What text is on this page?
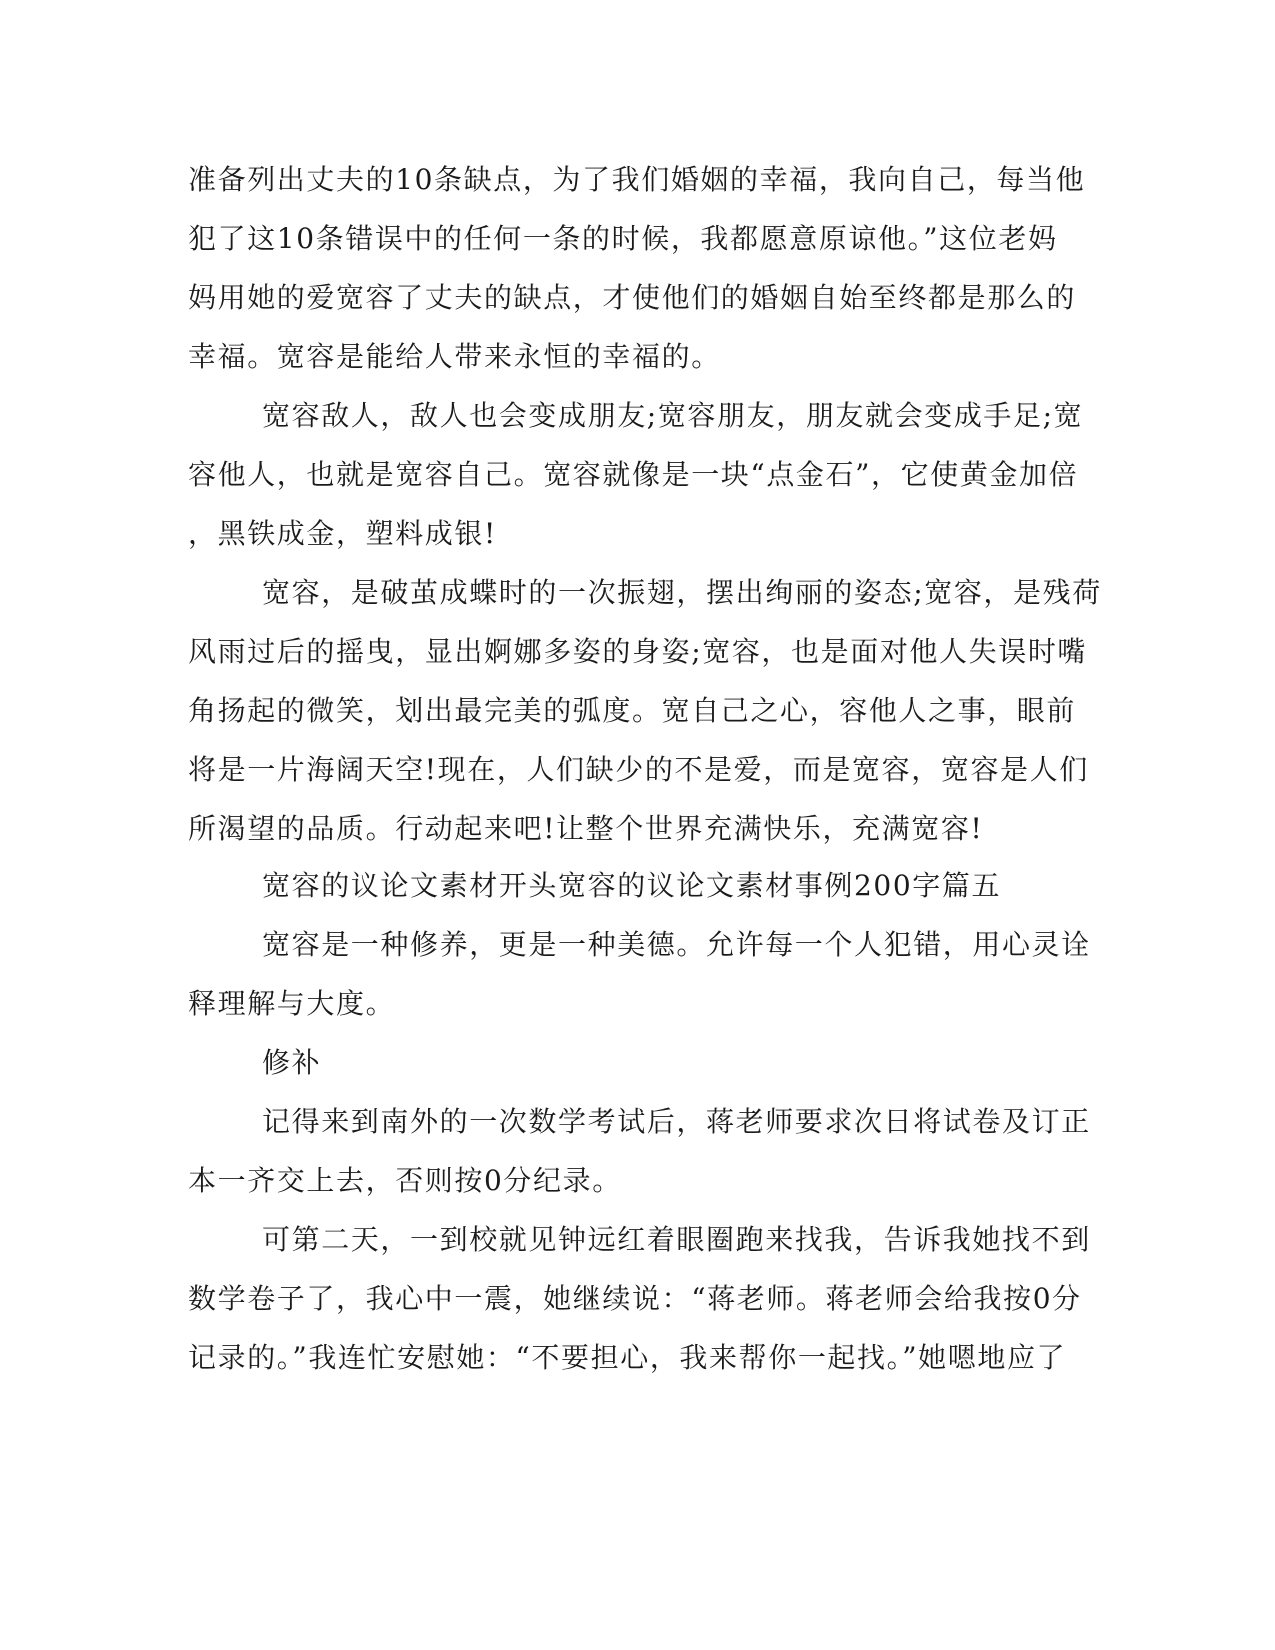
准备列出丈夫的10条缺点，为了我们婚姻的幸福，我向自己，每当他

犯了这10条错误中的任何一条的时候，我都愿意原谅他。”这位老妈

妈用她的爱宽容了丈夫的缺点，才使他们的婚姻自始至终都是那么的

幸福。宽容是能给人带来永恒的幸福的。

宽容敌人，敌人也会变成朋友;宽容朋友，朋友就会变成手足;宽

容他人，也就是宽容自己。宽容就像是一块“点金石”，它使黄金加倍

，黑铁成金，塑料成银!

宽容，是破茧成蝶时的一次振翅，摆出绚丽的姿态;宽容，是残荷

风雨过后的摇曳，显出婀娜多姿的身姿;宽容，也是面对他人失误时嘴

角扬起的微笑，划出最完美的弧度。宽自己之心，容他人之事，眼前

将是一片海阔天空!现在，人们缺少的不是爱，而是宽容，宽容是人们

所渴望的品质。行动起来吧!让整个世界充满快乐，充满宽容!

宽容的议论文素材开头宽容的议论文素材事例200字篇五

宽容是一种修养，更是一种美德。允许每一个人犯错，用心灵诠

释理解与大度。

修补

记得来到南外的一次数学考试后，蒋老师要求次日将试卷及订正

本一齐交上去，否则按0分纪录。

可第二天，一到校就见钟远红着眼圈跑来找我，告诉我她找不到

数学卷子了，我心中一震，她继续说：“蒋老师。蒋老师会给我按0分

记录的。”我连忙安慰她：“不要担心，我来帮你一起找。”她嗯地应了
